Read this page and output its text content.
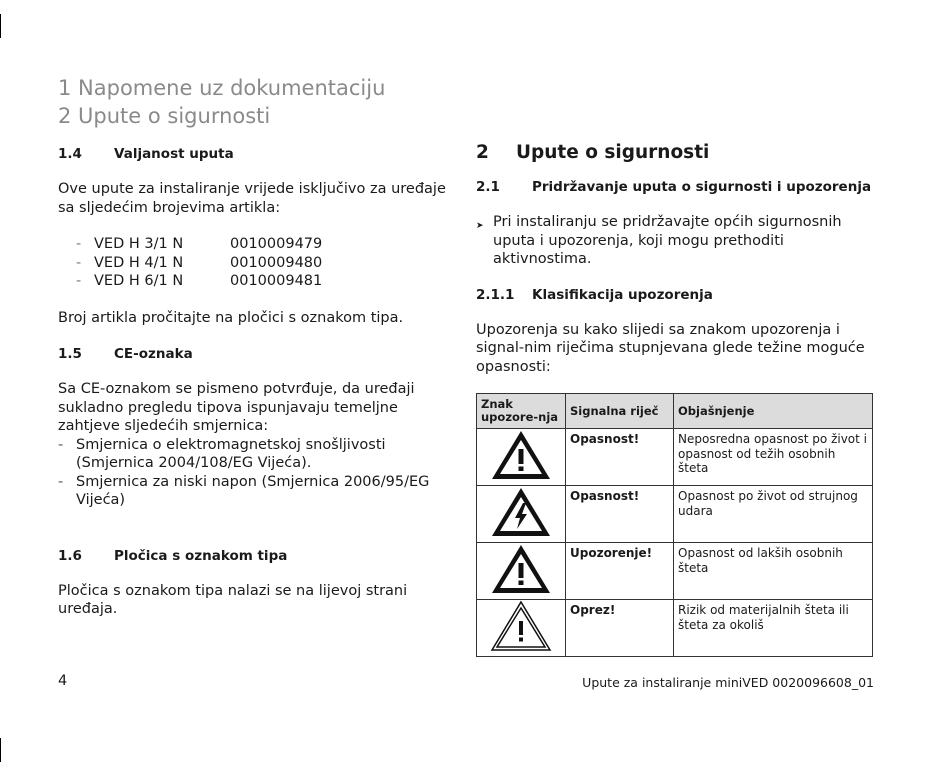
1 Napomene uz dokumentaciju
2 Upute o sigurnosti
1.4	Valjanost uputa

Ove upute za instaliranje vrijede isključivo za uređaje sa sljedećim brojevima artikla:

- VED H 3/1 N	0010009479
- VED H 4/1 N	0010009480
- VED H 6/1 N	0010009481

Broj artikla pročitajte na pločici s oznakom tipa.

1.5	CE-oznaka

Sa CE-oznakom se pismeno potvrđuje, da uređaji sukladno pregledu tipova ispunjavaju temeljne zahtjeve sljedećih smjernica:

- Smjernica o elektromagnetskoj snošljivosti (Smjernica 2004/108/EG Vijeća).
- Smjernica za niski napon (Smjernica 2006/95/EG Vijeća)
1.6	Pločica s oznakom tipa

Pločica s oznakom tipa nalazi se na lijevoj strani uređaja.

2	Upute o sigurnosti
2.1	Pridržavanje uputa o sigurnosti i upozorenja
➤ Pri instaliranju se pridržavajte općih sigurnosnih uputa i upozorenja, koji mogu prethoditi aktivnostima.
2.1.1	Klasifikacija upozorenja

Upozorenja su kako slijedi sa znakom upozorenja i signal-nim riječima stupnjevana glede težine moguće opasnosti:

Znak upozore-nja	Signalna riječ	Objašnjenje
	Opasnost!	Neposredna opasnost po život i opasnost od težih osobnih šteta
	Opasnost!	Opasnost po život od strujnog udara
	Upozorenje!	Opasnost od lakših osobnih šteta
	Oprez!	Rizik od materijalnih šteta ili šteta za okoliš
4	Upute za instaliranje miniVED 0020096608_01
